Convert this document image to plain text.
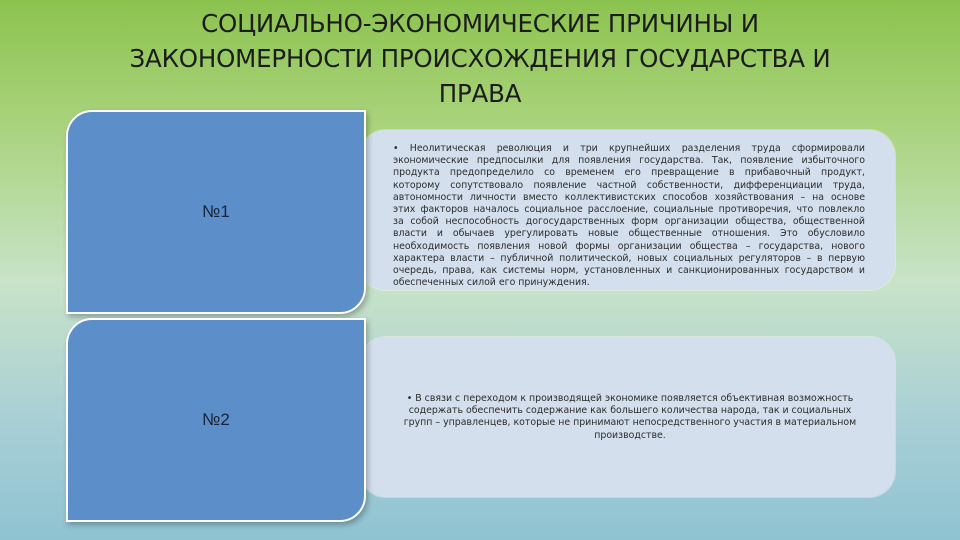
СОЦИАЛЬНО-ЭКОНОМИЧЕСКИЕ ПРИЧИНЫ И
ЗАКОНОМЕРНОСТИ ПРОИСХОЖДЕНИЯ ГОСУДАРСТВА И
ПРАВА
№1
№2
• Неолитическая революция и три крупнейших разделения труда сформировали
экономические предпосылки для появления государства. Так, появление избыточного
продукта предопределило со временем его превращение в прибавочный продукт,
которому сопутствовало появление частной собственности, дифференциации труда,
автономности личности вместо коллективистских способов хозяйствования – на основе
этих факторов началось социальное расслоение, социальные противоречия, что повлекло
за собой неспособность догосударственных форм организации общества, общественной
власти и обычаев урегулировать новые общественные отношения. Это обусловило
необходимость появления новой формы организации общества – государства, нового
характера власти – публичной политической, новых социальных регуляторов – в первую
очередь, права, как системы норм, установленных и санкционированных государством и
обеспеченных силой его принуждения.
• В связи с переходом к производящей экономике появляется объективная возможность
содержать обеспечить содержание как большего количества народа, так и социальных
групп – управленцев, которые не принимают непосредственного участия в материальном
производстве.
